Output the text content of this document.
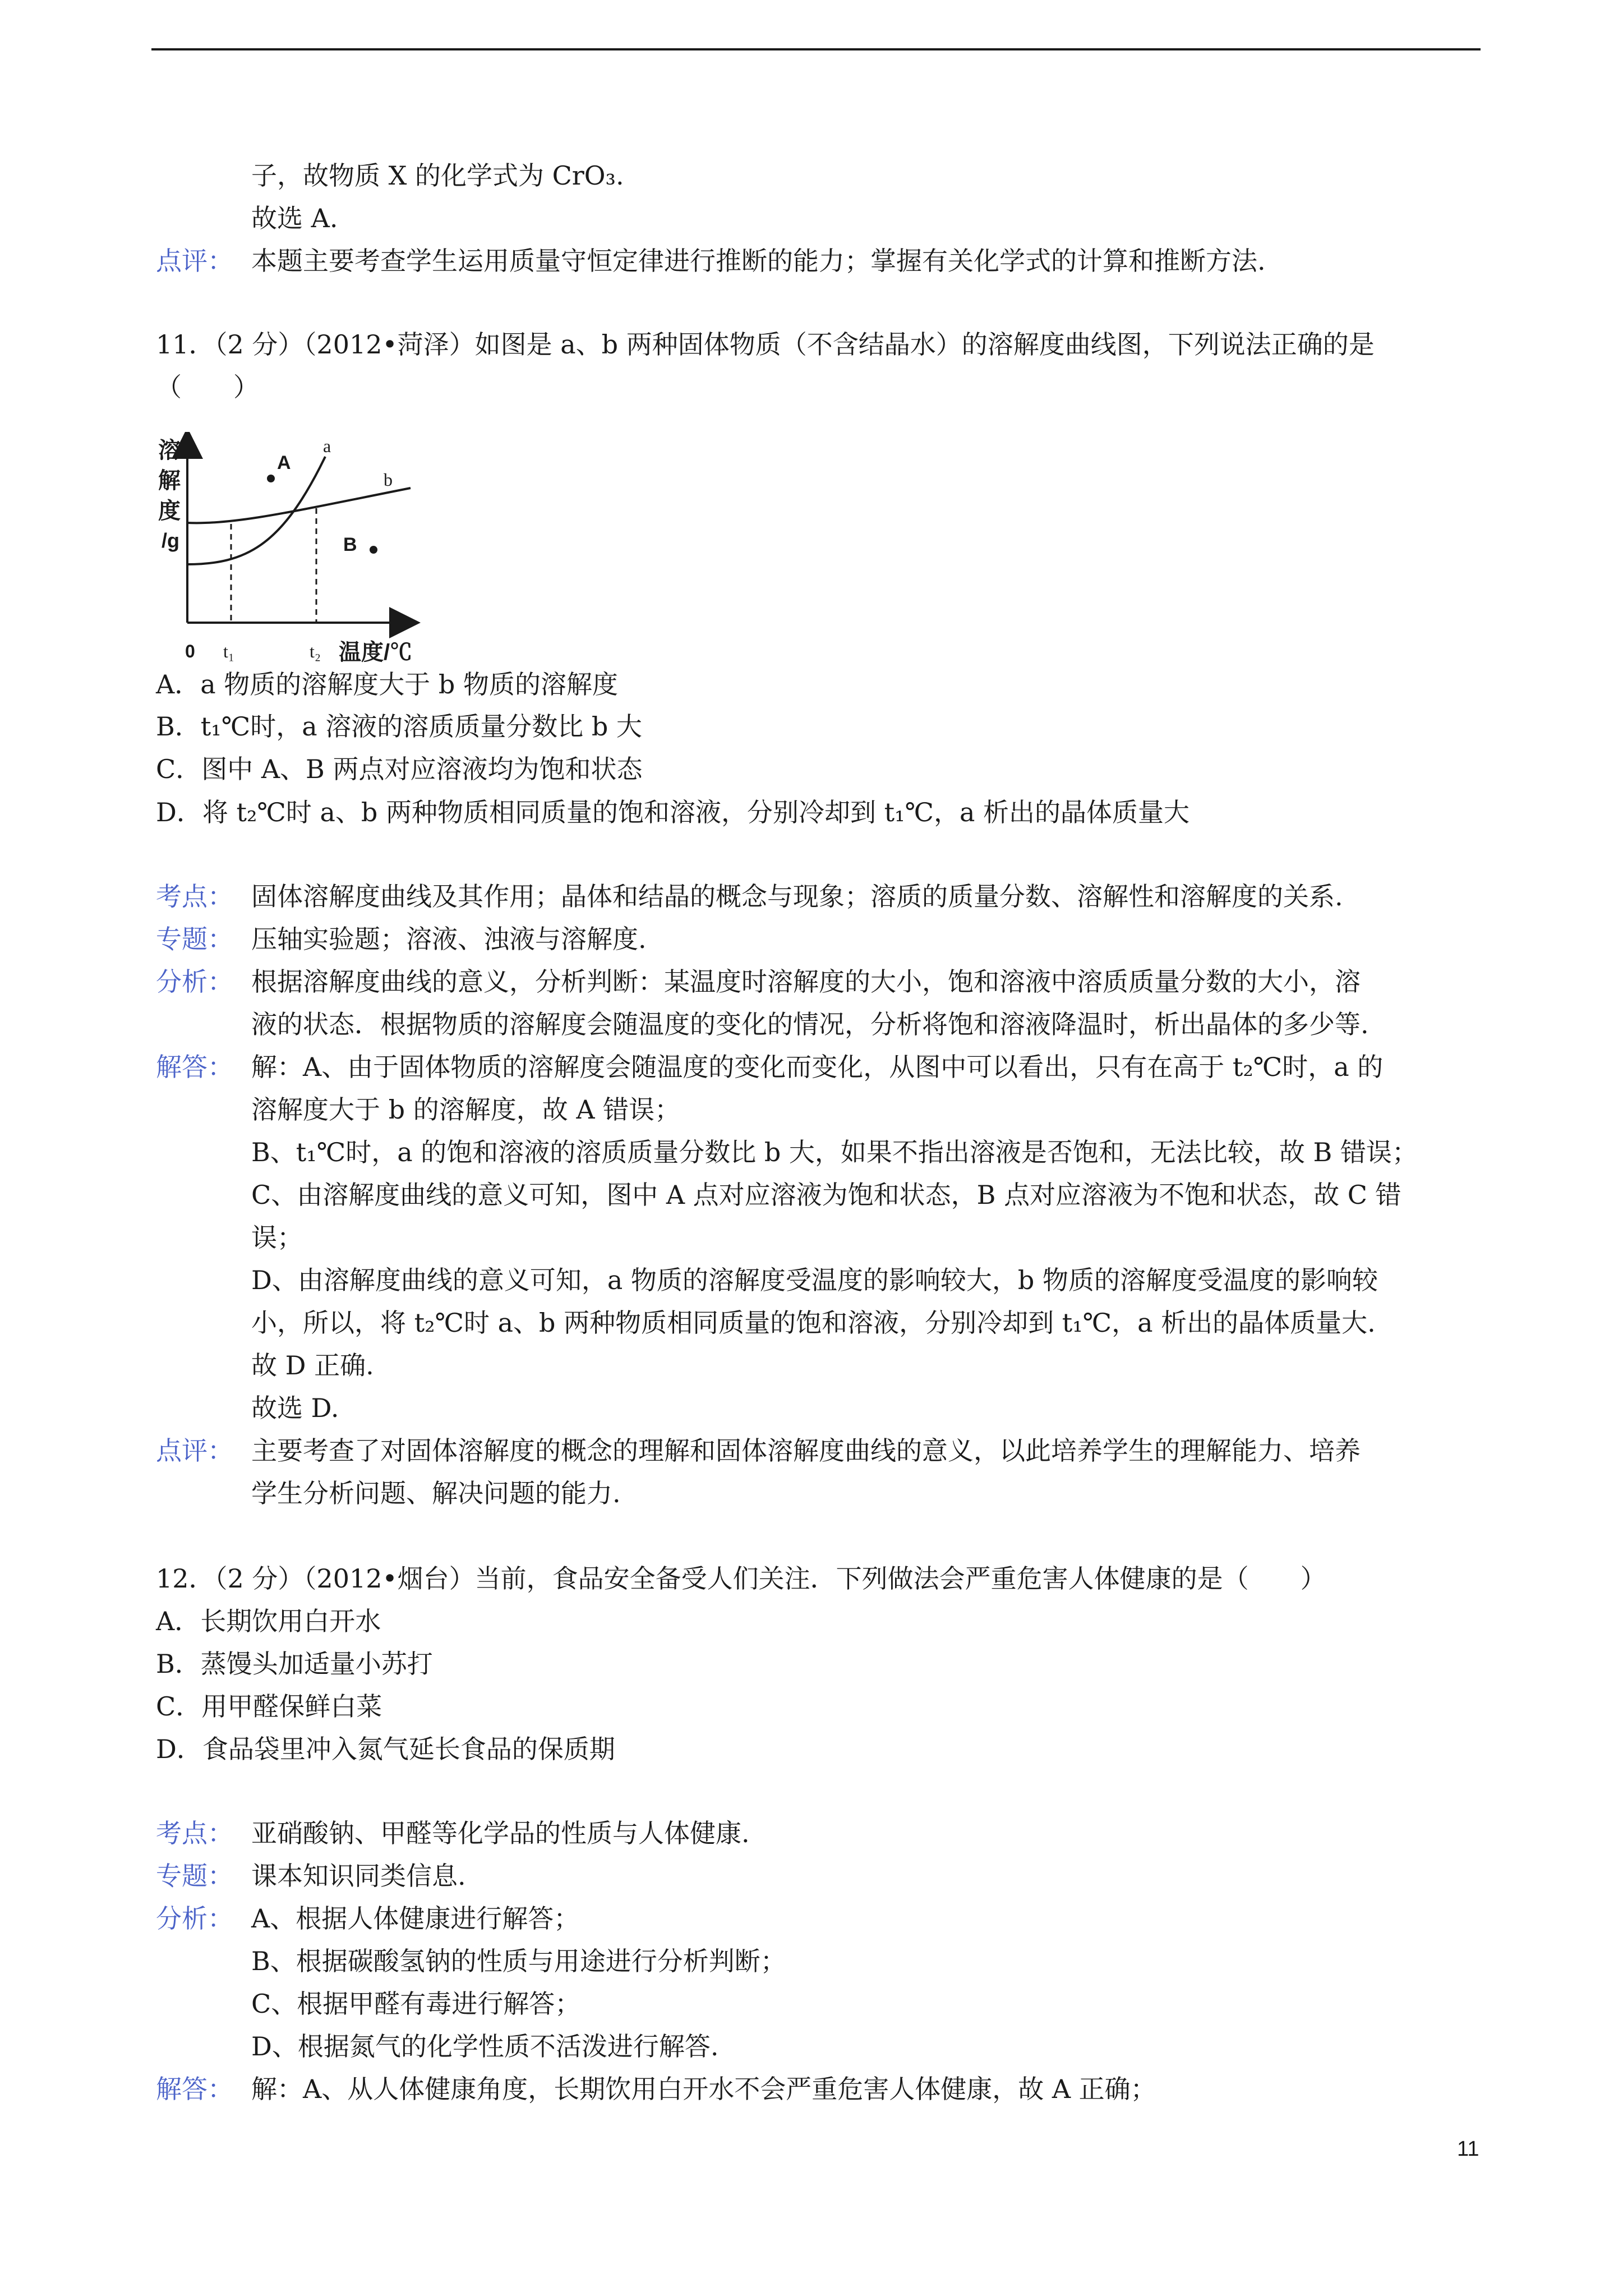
子，故物质 X 的化学式为 CrO₃.
故选 A.
点评： 本题主要考查学生运用质量守恒定律进行推断的能力；掌握有关化学式的计算和推断方法.
11．（2 分）（2012•菏泽）如图是 a、b 两种固体物质（不含结晶水）的溶解度曲线图，下列说法正确的是
（　　）
溶
解
度
/g
A
B
a
b
0 t₁	t₂ 温度/℃
A．a 物质的溶解度大于 b 物质的溶解度
B．t₁℃时，a 溶液的溶质质量分数比 b 大
C．图中 A、B 两点对应溶液均为饱和状态
D．将 t₂℃时 a、b 两种物质相同质量的饱和溶液，分别冷却到 t₁℃，a 析出的晶体质量大
考点： 固体溶解度曲线及其作用；晶体和结晶的概念与现象；溶质的质量分数、溶解性和溶解度的关系.
专题： 压轴实验题；溶液、浊液与溶解度.
分析： 根据溶解度曲线的意义，分析判断：某温度时溶解度的大小，饱和溶液中溶质质量分数的大小，溶
液的状态．根据物质的溶解度会随温度的变化的情况，分析将饱和溶液降温时，析出晶体的多少等.
解答： 解：A、由于固体物质的溶解度会随温度的变化而变化，从图中可以看出，只有在高于 t₂℃时，a 的
溶解度大于 b 的溶解度，故 A 错误；
B、t₁℃时，a 的饱和溶液的溶质质量分数比 b 大，如果不指出溶液是否饱和，无法比较，故 B 错误；
C、由溶解度曲线的意义可知，图中 A 点对应溶液为饱和状态，B 点对应溶液为不饱和状态，故 C 错
误；
D、由溶解度曲线的意义可知，a 物质的溶解度受温度的影响较大，b 物质的溶解度受温度的影响较
小，所以，将 t₂℃时 a、b 两种物质相同质量的饱和溶液，分别冷却到 t₁℃，a 析出的晶体质量大.
故 D 正确.
故选 D.
点评： 主要考查了对固体溶解度的概念的理解和固体溶解度曲线的意义，以此培养学生的理解能力、培养
学生分析问题、解决问题的能力.
12．（2 分）（2012•烟台）当前，食品安全备受人们关注．下列做法会严重危害人体健康的是（　　）
A．长期饮用白开水
B．蒸馒头加适量小苏打
C．用甲醛保鲜白菜
D．食品袋里冲入氮气延长食品的保质期
考点： 亚硝酸钠、甲醛等化学品的性质与人体健康.
专题： 课本知识同类信息.
分析： A、根据人体健康进行解答；
B、根据碳酸氢钠的性质与用途进行分析判断；
C、根据甲醛有毒进行解答；
D、根据氮气的化学性质不活泼进行解答.
解答： 解：A、从人体健康角度，长期饮用白开水不会严重危害人体健康，故 A 正确；
11
